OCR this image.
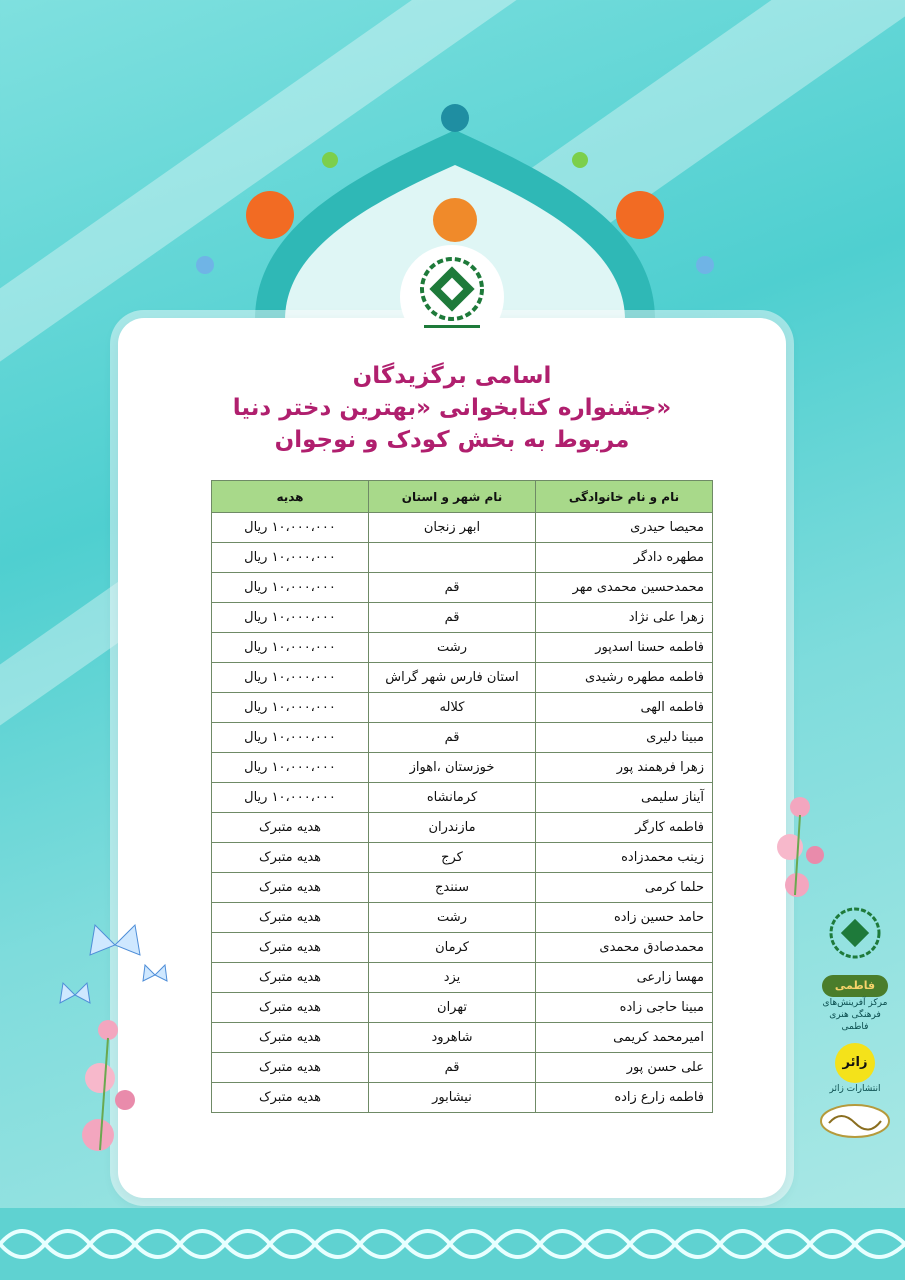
اسامی برگزیدگان
جشنواره کتابخوانی «بهترین دختر دنیا»
مربوط به بخش کودک و نوجوان
نام و نام خانوادگی	نام شهر و استان	هدیه
محیصا حیدری	ابهر زنجان	۱۰،۰۰۰،۰۰۰ ریال
مطهره دادگر		۱۰،۰۰۰،۰۰۰ ریال
محمدحسین محمدی مهر	قم	۱۰،۰۰۰،۰۰۰ ریال
زهرا علی نژاد	قم	۱۰،۰۰۰،۰۰۰ ریال
فاطمه حسنا اسدپور	رشت	۱۰،۰۰۰،۰۰۰ ریال
فاطمه مطهره رشیدی	استان فارس شهر گراش	۱۰،۰۰۰،۰۰۰ ریال
فاطمه الهی	کلاله	۱۰،۰۰۰،۰۰۰ ریال
مبینا دلیری	قم	۱۰،۰۰۰،۰۰۰ ریال
زهرا فرهمند پور	خوزستان ،اهواز	۱۰،۰۰۰،۰۰۰ ریال
آیناز سلیمی	کرمانشاه	۱۰،۰۰۰،۰۰۰ ریال
فاطمه کارگر	مازندران	هدیه متبرک
زینب محمدزاده	کرج	هدیه متبرک
حلما کرمی	سنندج	هدیه متبرک
حامد حسین زاده	رشت	هدیه متبرک
محمدصادق محمدی	کرمان	هدیه متبرک
مهسا زارعی	یزد	هدیه متبرک
مبینا حاجی زاده	تهران	هدیه متبرک
امیرمحمد کریمی	شاهرود	هدیه متبرک
علی حسن پور	قم	هدیه متبرک
فاطمه زارع زاده	نیشابور	هدیه متبرک
فاطمی
مرکز آفرینش‌های فرهنگی هنری فاطمی
زائر
انتشارات زائر
